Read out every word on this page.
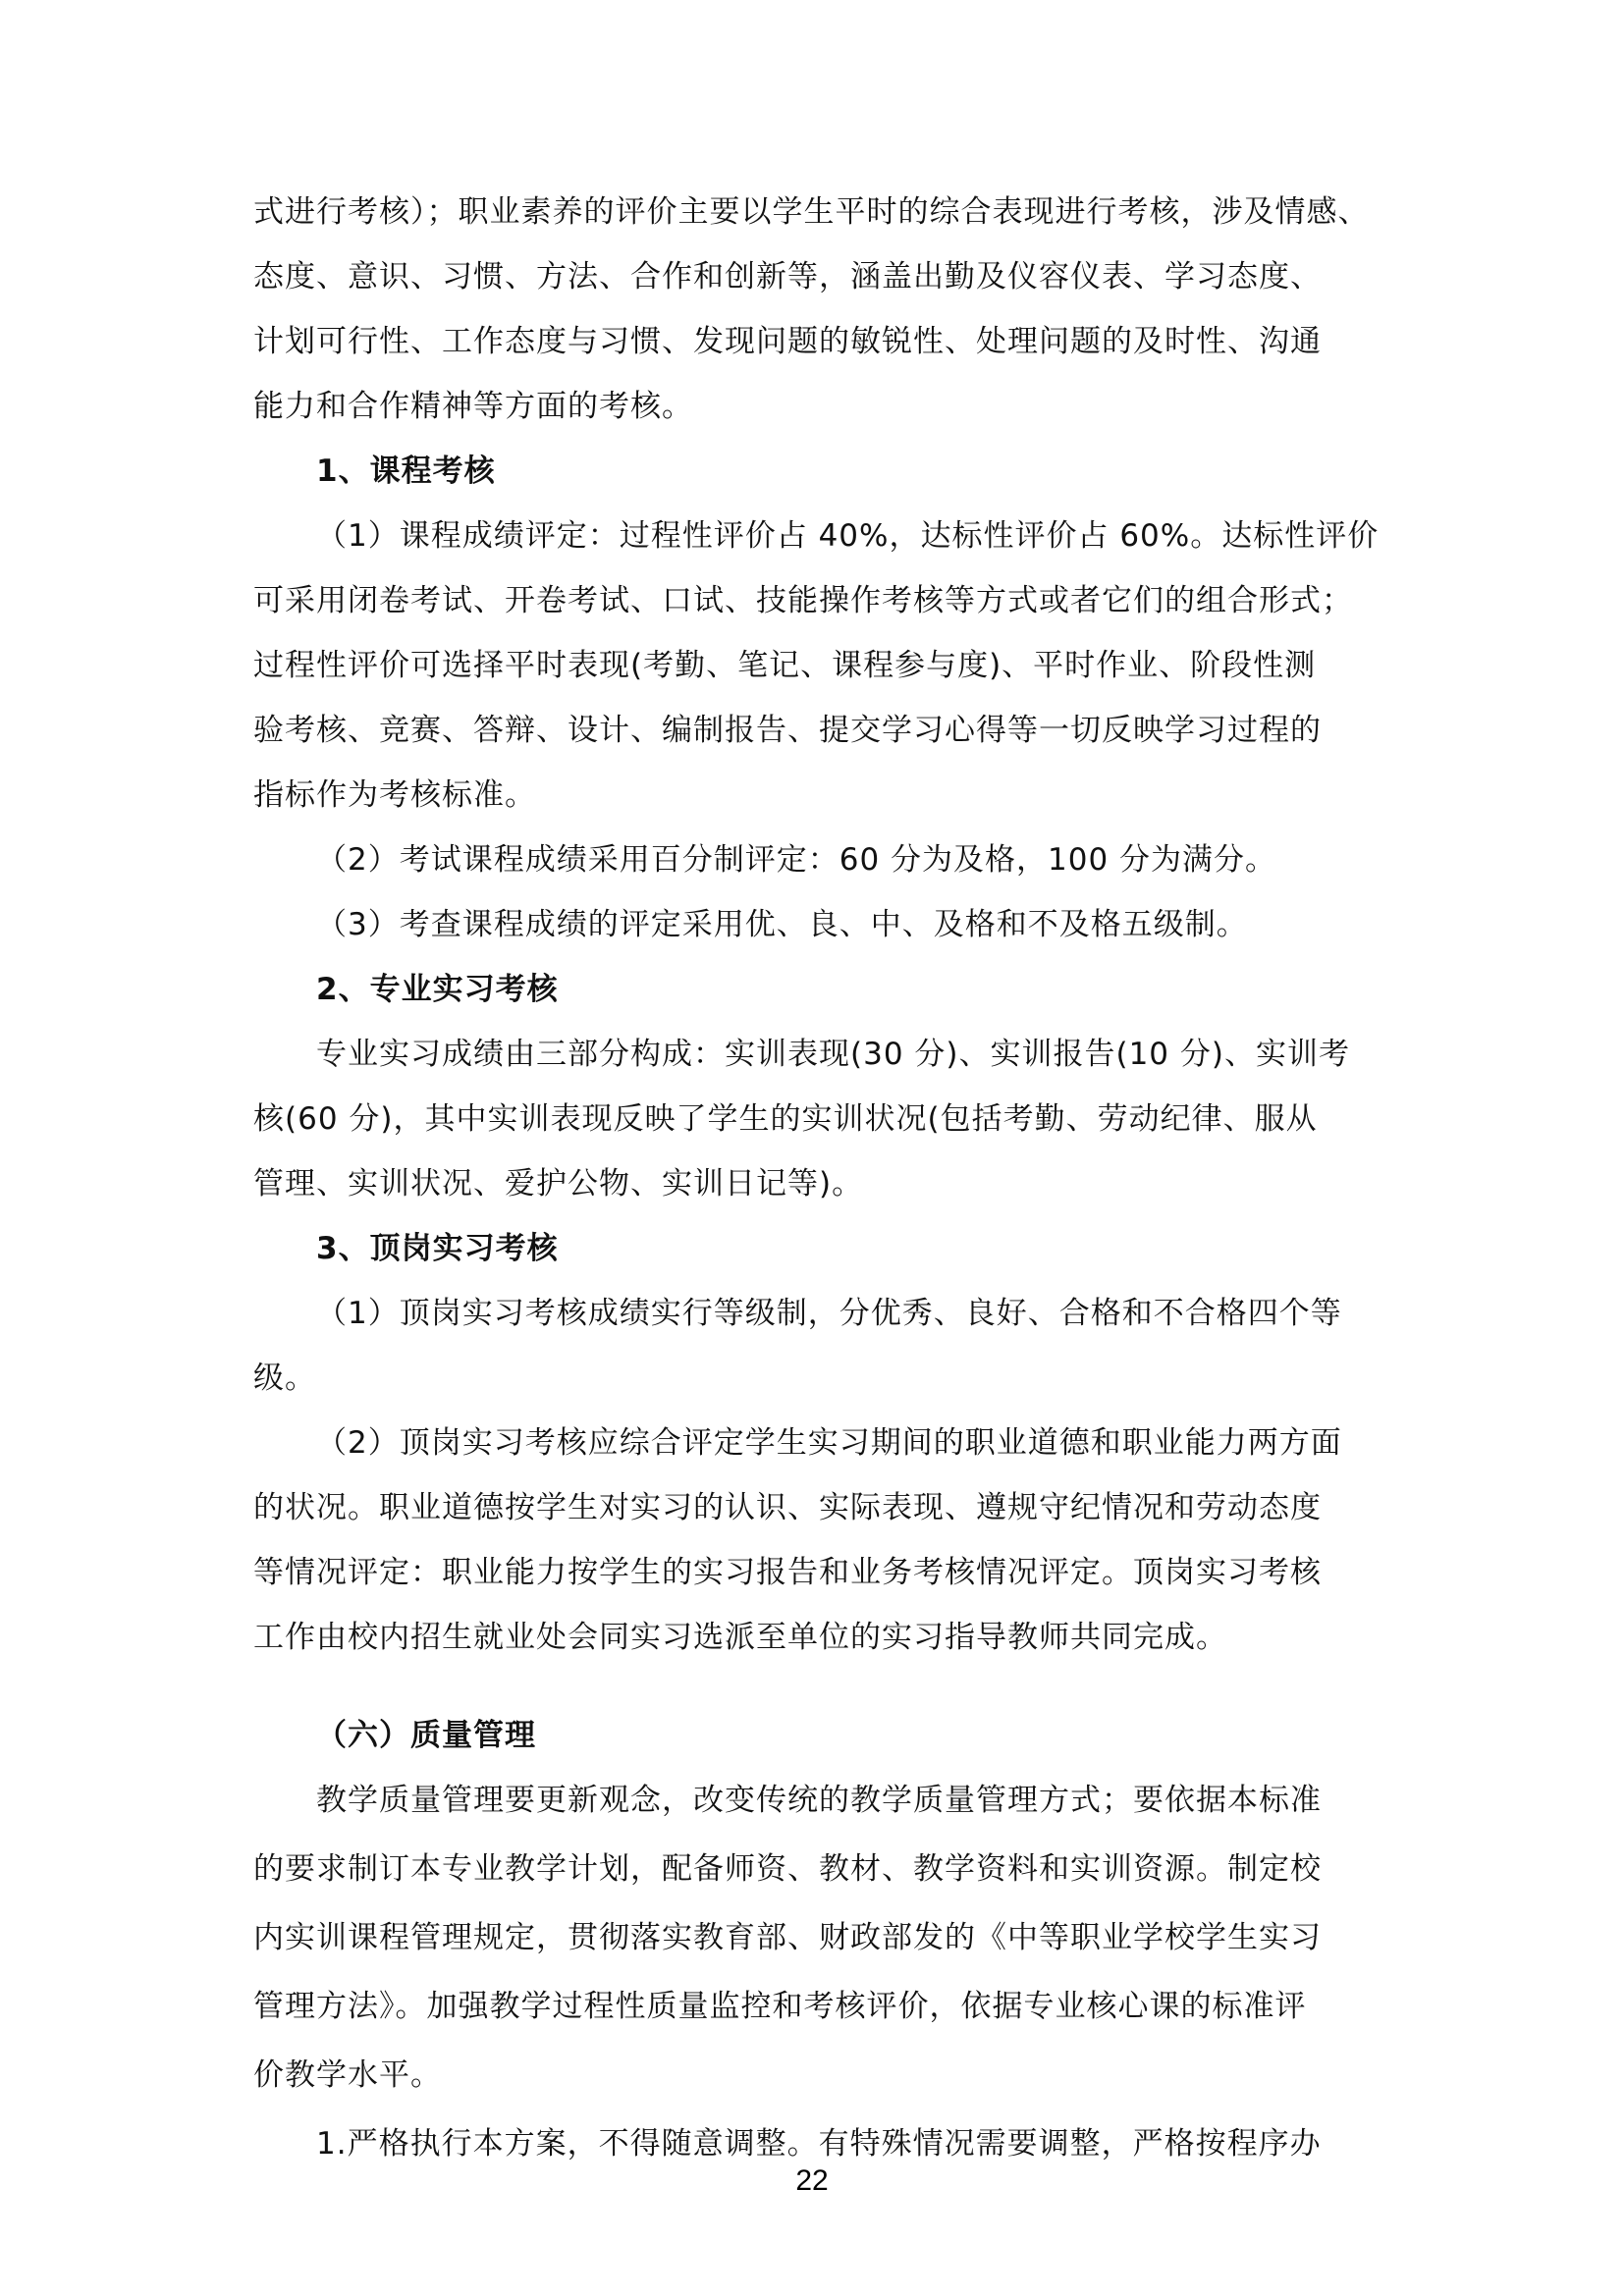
式进行考核）；职业素养的评价主要以学生平时的综合表现进行考核，涉及情感、
态度、意识、习惯、方法、合作和创新等，涵盖出勤及仪容仪表、学习态度、
计划可行性、工作态度与习惯、发现问题的敏锐性、处理问题的及时性、沟通
能力和合作精神等方面的考核。
1、课程考核
（1）课程成绩评定：过程性评价占 40%，达标性评价占 60%。达标性评价
可采用闭卷考试、开卷考试、口试、技能操作考核等方式或者它们的组合形式；
过程性评价可选择平时表现(考勤、笔记、课程参与度)、平时作业、阶段性测
验考核、竞赛、答辩、设计、编制报告、提交学习心得等一切反映学习过程的
指标作为考核标准。
（2）考试课程成绩采用百分制评定：60 分为及格，100 分为满分。
（3）考查课程成绩的评定采用优、良、中、及格和不及格五级制。
2、专业实习考核
专业实习成绩由三部分构成：实训表现(30 分)、实训报告(10 分)、实训考
核(60 分)，其中实训表现反映了学生的实训状况(包括考勤、劳动纪律、服从
管理、实训状况、爱护公物、实训日记等)。
3、顶岗实习考核
（1）顶岗实习考核成绩实行等级制，分优秀、良好、合格和不合格四个等
级。
（2）顶岗实习考核应综合评定学生实习期间的职业道德和职业能力两方面
的状况。职业道德按学生对实习的认识、实际表现、遵规守纪情况和劳动态度
等情况评定：职业能力按学生的实习报告和业务考核情况评定。顶岗实习考核
工作由校内招生就业处会同实习选派至单位的实习指导教师共同完成。
（六）质量管理
教学质量管理要更新观念，改变传统的教学质量管理方式；要依据本标准
的要求制订本专业教学计划，配备师资、教材、教学资料和实训资源。制定校
内实训课程管理规定，贯彻落实教育部、财政部发的《中等职业学校学生实习
管理方法》。加强教学过程性质量监控和考核评价，依据专业核心课的标准评
价教学水平。
1.严格执行本方案，不得随意调整。有特殊情况需要调整，严格按程序办
22
